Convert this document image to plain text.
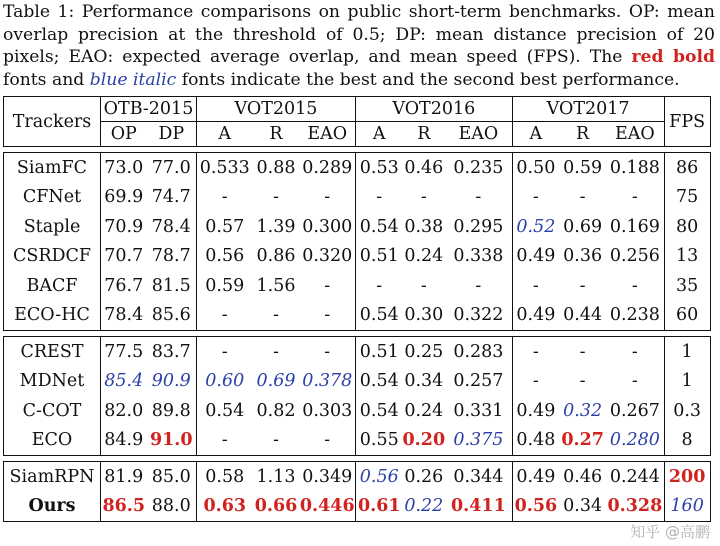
Table 1: Performance comparisons on public short-term benchmarks. OP: mean overlap precision at the threshold of 0.5; DP: mean distance precision of 20 pixels; EAO: expected average overlap, and mean speed (FPS). The red bold fonts and blue italic fonts indicate the best and the second best performance.
Trackers	OTB-2015		VOT2015			VOT2016			VOT2017			FPS
	OP	DP	A	R	EAO	A	R	EAO	A	R	EAO	

SiamFC	73.0	77.0	0.533	0.88	0.289	0.53	0.46	0.235	0.50	0.59	0.188	86
CFNet	69.9	74.7	-	-	-	-	-	-	-	-	-	75
Staple	70.9	78.4	0.57	1.39	0.300	0.54	0.38	0.295	0.52	0.69	0.169	80
CSRDCF	70.7	78.7	0.56	0.86	0.320	0.51	0.24	0.338	0.49	0.36	0.256	13
BACF	76.7	81.5	0.59	1.56	-	-	-	-	-	-	-	35
ECO-HC	78.4	85.6	-	-	-	0.54	0.30	0.322	0.49	0.44	0.238	60

CREST	77.5	83.7	-	-	-	0.51	0.25	0.283	-	-	-	1
MDNet	85.4	90.9	0.60	0.69	0.378	0.54	0.34	0.257	-	-	-	1
C-COT	82.0	89.8	0.54	0.82	0.303	0.54	0.24	0.331	0.49	0.32	0.267	0.3
ECO	84.9	91.0	-	-	-	0.55	0.20	0.375	0.48	0.27	0.280	8

SiamRPN	81.9	85.0	0.58	1.13	0.349	0.56	0.26	0.344	0.49	0.46	0.244	200
Ours	86.5	88.0	0.63	0.66	0.446	0.61	0.22	0.411	0.56	0.34	0.328	160
知乎 @高鹏
